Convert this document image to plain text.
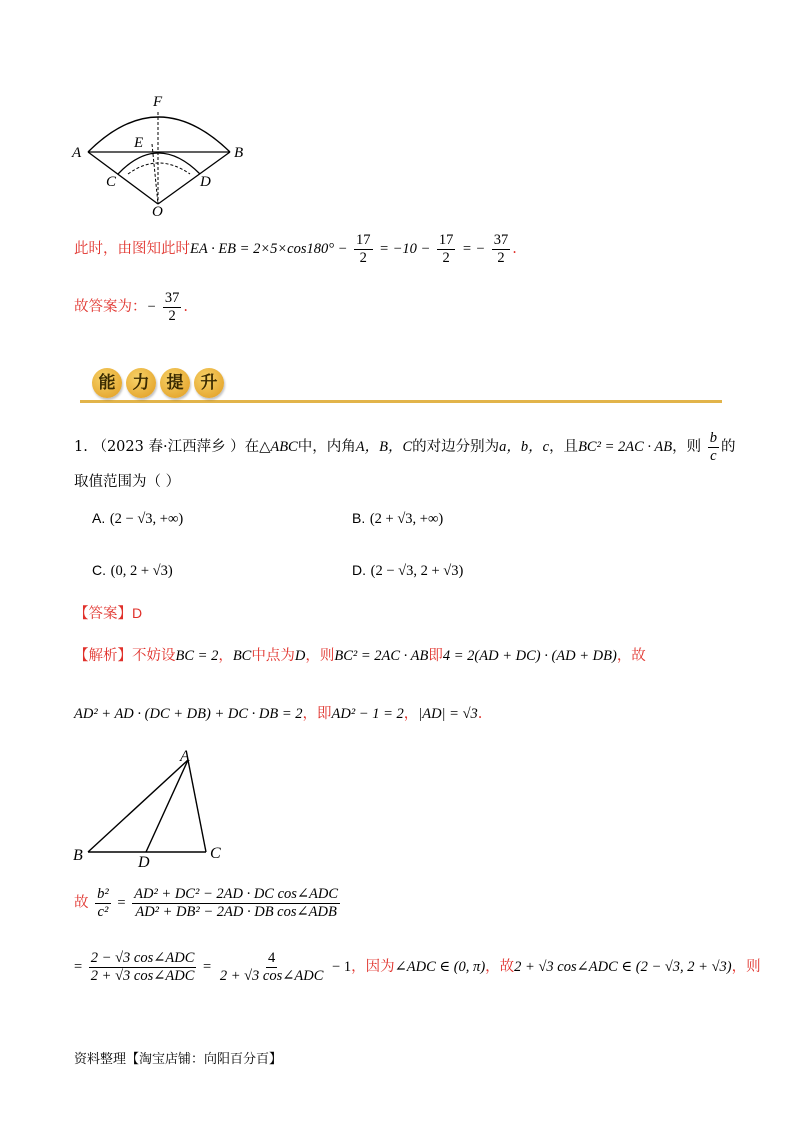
F
A	B
E
C	D
O
此时，由图知此时EA · EB = $2\times 5\times\cos 180^\circ - \frac{17}{2} = -10 - \frac{17}{2}$ = − $\frac{37}{2}$ .
故答案为：− $\frac{37}{2}$ .
能	力	提	升
1. （2023 春·江西萍乡 ）在△ABC中，内角A，B，C的对边分别为a，b，c，且BC² = 2AC · AB，则 $\frac{b}{c}$ 的
取值范围为（ ）
A. (2 − √3, +∞)	B. (2 + √3, +∞)
C. (0, 2 + √3)	D. (2 − √3, 2 + √3)
【答案】D
【解析】不妨设BC = 2，BC中点为D，则BC² = 2AC · AB即4 = 2(AD + DC) · (AD + DB)，故
AD² + AD · (DC + DB) + DC · DB = 2，即AD² − 1 = 2，|AD| = √3.
A
B	D
C
故 $\frac{\text{b²}}{\text{c²}} = \frac{\text{AD² + DC² − 2AD · DC cos∠ADC}}{\text{AD² + DB² − 2AD · DB cos∠ADB}}$
= $\frac{\text{2 − √3 cos∠ADC}}{\text{2 + √3 cos∠ADC}} = \frac{4}{\text{2 + √3 cos∠ADC}} - 1$，因为∠ADC ∈ (0, π)，故2 + √3 cos∠ADC ∈ (2 − √3, 2 + √3)，则
资料整理【淘宝店铺：向阳百分百】
